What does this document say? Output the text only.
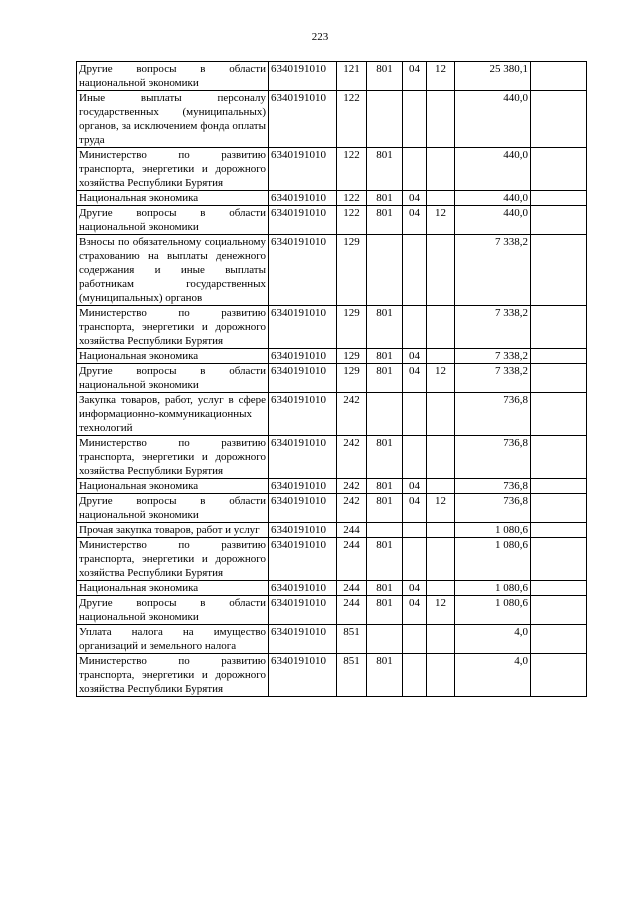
223
Другие вопросы в области национальной экономики	6340191010	121	801	04	12	25 380,1	
Иные выплаты персоналу государственных (муниципальных) органов, за исключением фонда оплаты труда	6340191010	122				440,0	
Министерство по развитию транспорта, энергетики и дорожного хозяйства Республики Бурятия	6340191010	122	801			440,0	
Национальная экономика	6340191010	122	801	04		440,0	
Другие вопросы в области национальной экономики	6340191010	122	801	04	12	440,0	
Взносы по обязательному социальному страхованию на выплаты денежного содержания и иные выплаты работникам государственных (муниципальных) органов	6340191010	129				7 338,2	
Министерство по развитию транспорта, энергетики и дорожного хозяйства Республики Бурятия	6340191010	129	801			7 338,2	
Национальная экономика	6340191010	129	801	04		7 338,2	
Другие вопросы в области национальной экономики	6340191010	129	801	04	12	7 338,2	
Закупка товаров, работ, услуг в сфере информационно-коммуникационных технологий	6340191010	242				736,8	
Министерство по развитию транспорта, энергетики и дорожного хозяйства Республики Бурятия	6340191010	242	801			736,8	
Национальная экономика	6340191010	242	801	04		736,8	
Другие вопросы в области национальной экономики	6340191010	242	801	04	12	736,8	
Прочая закупка товаров, работ и услуг	6340191010	244				1 080,6	
Министерство по развитию транспорта, энергетики и дорожного хозяйства Республики Бурятия	6340191010	244	801			1 080,6	
Национальная экономика	6340191010	244	801	04		1 080,6	
Другие вопросы в области национальной экономики	6340191010	244	801	04	12	1 080,6	
Уплата налога на имущество организаций и земельного налога	6340191010	851				4,0	
Министерство по развитию транспорта, энергетики и дорожного хозяйства Республики Бурятия	6340191010	851	801			4,0	
